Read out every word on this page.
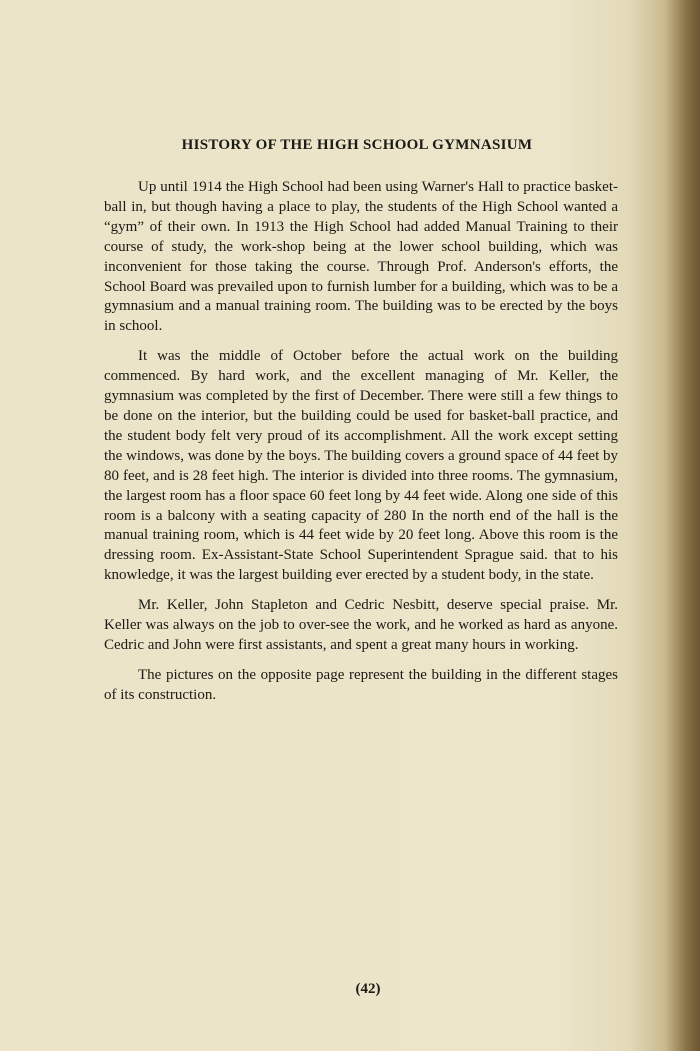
HISTORY OF THE HIGH SCHOOL GYMNASIUM

Up until 1914 the High School had been using Warner's Hall to practice basket-ball in, but though having a place to play, the students of the High School wanted a “gym” of their own. In 1913 the High School had added Manual Training to their course of study, the work-shop being at the lower school building, which was inconvenient for those taking the course. Through Prof. Anderson's efforts, the School Board was prevailed upon to furnish lumber for a building, which was to be a gymnasium and a manual training room. The building was to be erected by the boys in school.

It was the middle of October before the actual work on the building commenced. By hard work, and the excellent managing of Mr. Keller, the gymnasium was completed by the first of December. There were still a few things to be done on the interior, but the building could be used for basket-ball practice, and the student body felt very proud of its accomplishment. All the work except setting the windows, was done by the boys. The building covers a ground space of 44 feet by 80 feet, and is 28 feet high. The interior is divided into three rooms. The gymnasium, the largest room has a floor space 60 feet long by 44 feet wide. Along one side of this room is a balcony with a seating capacity of 280 In the north end of the hall is the manual training room, which is 44 feet wide by 20 feet long. Above this room is the dressing room. Ex-Assistant-State School Superintendent Sprague said. that to his knowledge, it was the largest building ever erected by a student body, in the state.

Mr. Keller, John Stapleton and Cedric Nesbitt, deserve special praise. Mr. Keller was always on the job to over-see the work, and he worked as hard as anyone. Cedric and John were first assistants, and spent a great many hours in working.

The pictures on the opposite page represent the building in the different stages of its construction.

(42)
